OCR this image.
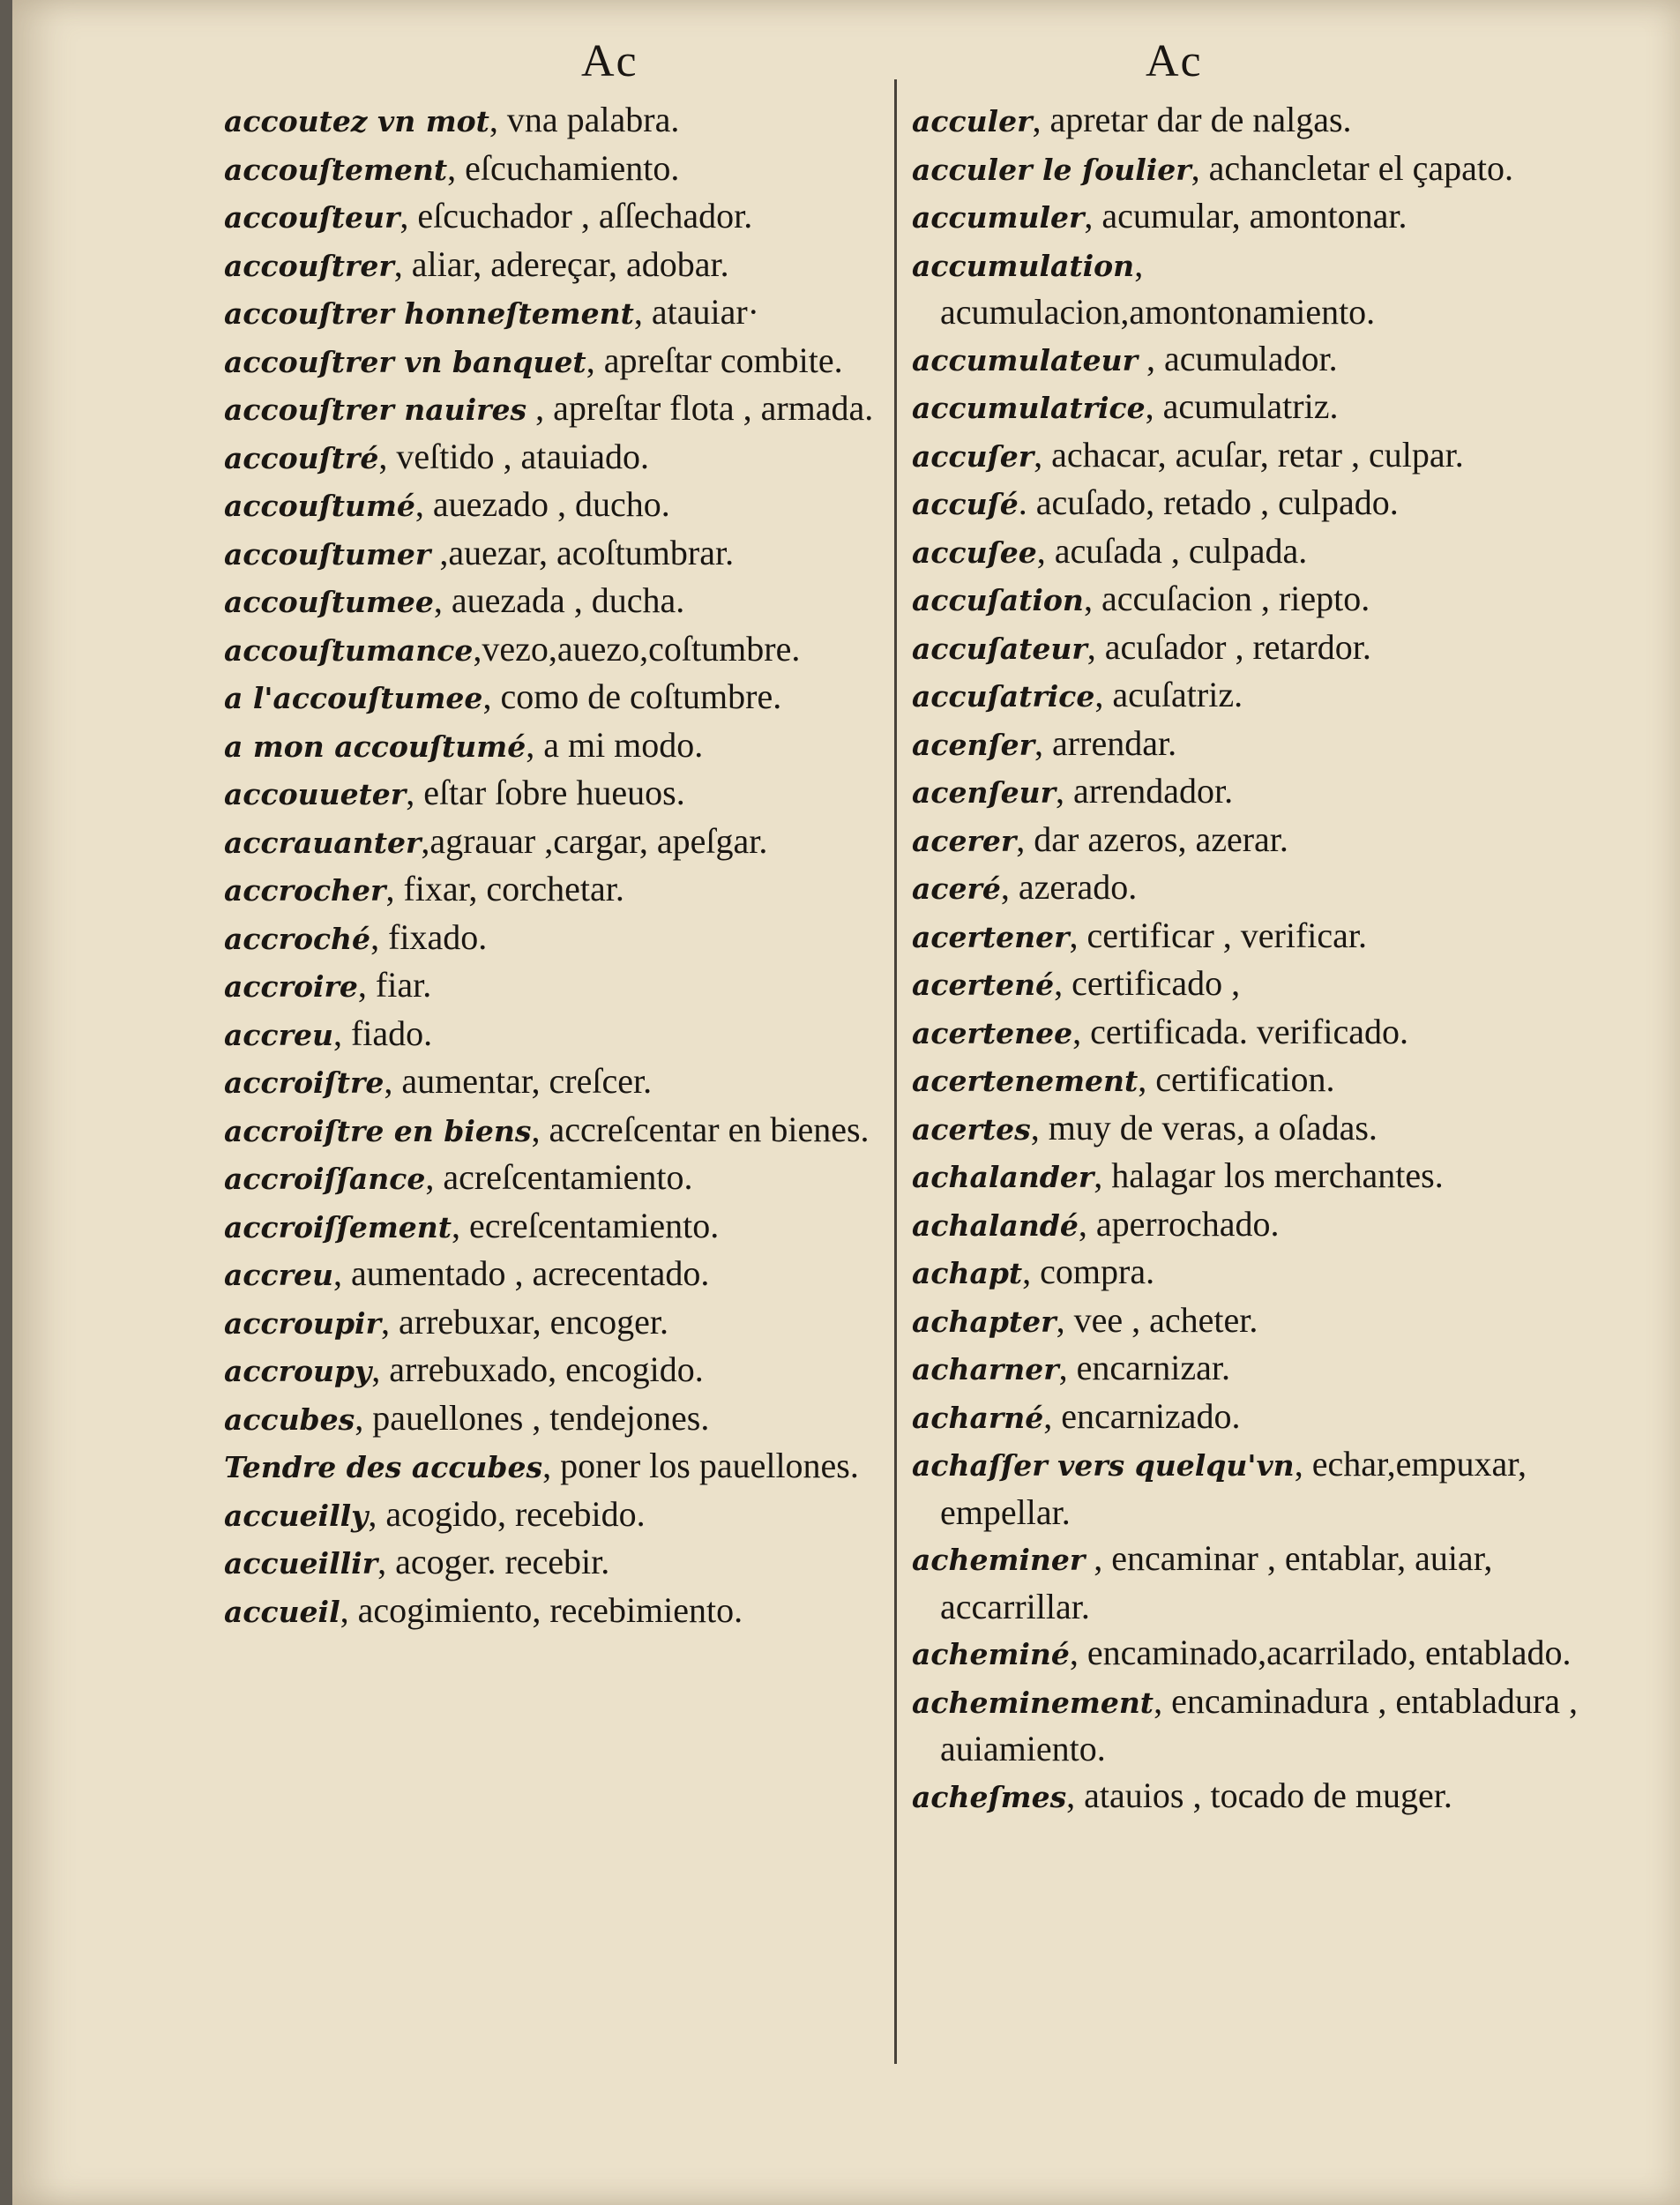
Ac	Ac
accoutez vn mot, vna palabra.
accouſtement, eſcuchamiento.
accouſteur, eſcuchador , aſſechador.
accouſtrer, aliar, adereçar, adobar.
accouſtrer honneſtement, atauiar·
accouſtrer vn banquet, apreſtar combite.
accouſtrer nauires , apreſtar flota , armada.
accouſtré, veſtido , atauiado.
accouſtumé, auezado , ducho.
accouſtumer ,auezar, acoſtumbrar.
accouſtumee, auezada , ducha.
accouſtumance,vezo,auezo,coſtumbre.
a l'accouſtumee, como de coſtumbre.
a mon accouſtumé, a mi modo.
accouueter, eſtar ſobre hueuos.
accrauanter,agrauar ,cargar, apeſgar.
accrocher, fixar, corchetar.
accroché, fixado.
accroire, fiar.
accreu, fiado.
accroiſtre, aumentar, creſcer.
accroiſtre en biens, accreſcentar en bienes.
accroiſſance, acreſcentamiento.
accroiſſement, ecreſcentamiento.
accreu, aumentado , acrecentado.
accroupir, arrebuxar, encoger.
accroupy, arrebuxado, encogido.
accubes, pauellones , tendejones.
Tendre des accubes, poner los pauellones.
accueilly, acogido, recebido.
accueillir, acoger. recebir.
accueil, acogimiento, recebimiento.
acculer, apretar dar de nalgas.
acculer le ſoulier, achancletar el çapato.
accumuler, acumular, amontonar.
accumulation, acumulacion,amontonamiento.
accumulateur , acumulador.
accumulatrice, acumulatriz.
accuſer, achacar, acuſar, retar , culpar.
accuſé. acuſado, retado , culpado.
accuſee, acuſada , culpada.
accuſation, accuſacion , riepto.
accuſateur, acuſador , retardor.
accuſatrice, acuſatriz.
acenſer, arrendar.
acenſeur, arrendador.
acerer, dar azeros, azerar.
aceré, azerado.
acertener, certificar , verificar.
acertené, certificado ,
acertenee, certificada. verificado.
acertenement, certification.
acertes, muy de veras, a oſadas.
achalander, halagar los merchantes.
achalandé, aperrochado.
achapt, compra.
achapter, vee , acheter.
acharner, encarnizar.
acharné, encarnizado.
achaſſer vers quelqu'vn, echar,empuxar, empellar.
acheminer , encaminar , entablar, auiar, accarrillar.
acheminé, encaminado,acarrilado, entablado.
acheminement, encaminadura , entabladura , auiamiento.
acheſmes, atauios , tocado de muger.
